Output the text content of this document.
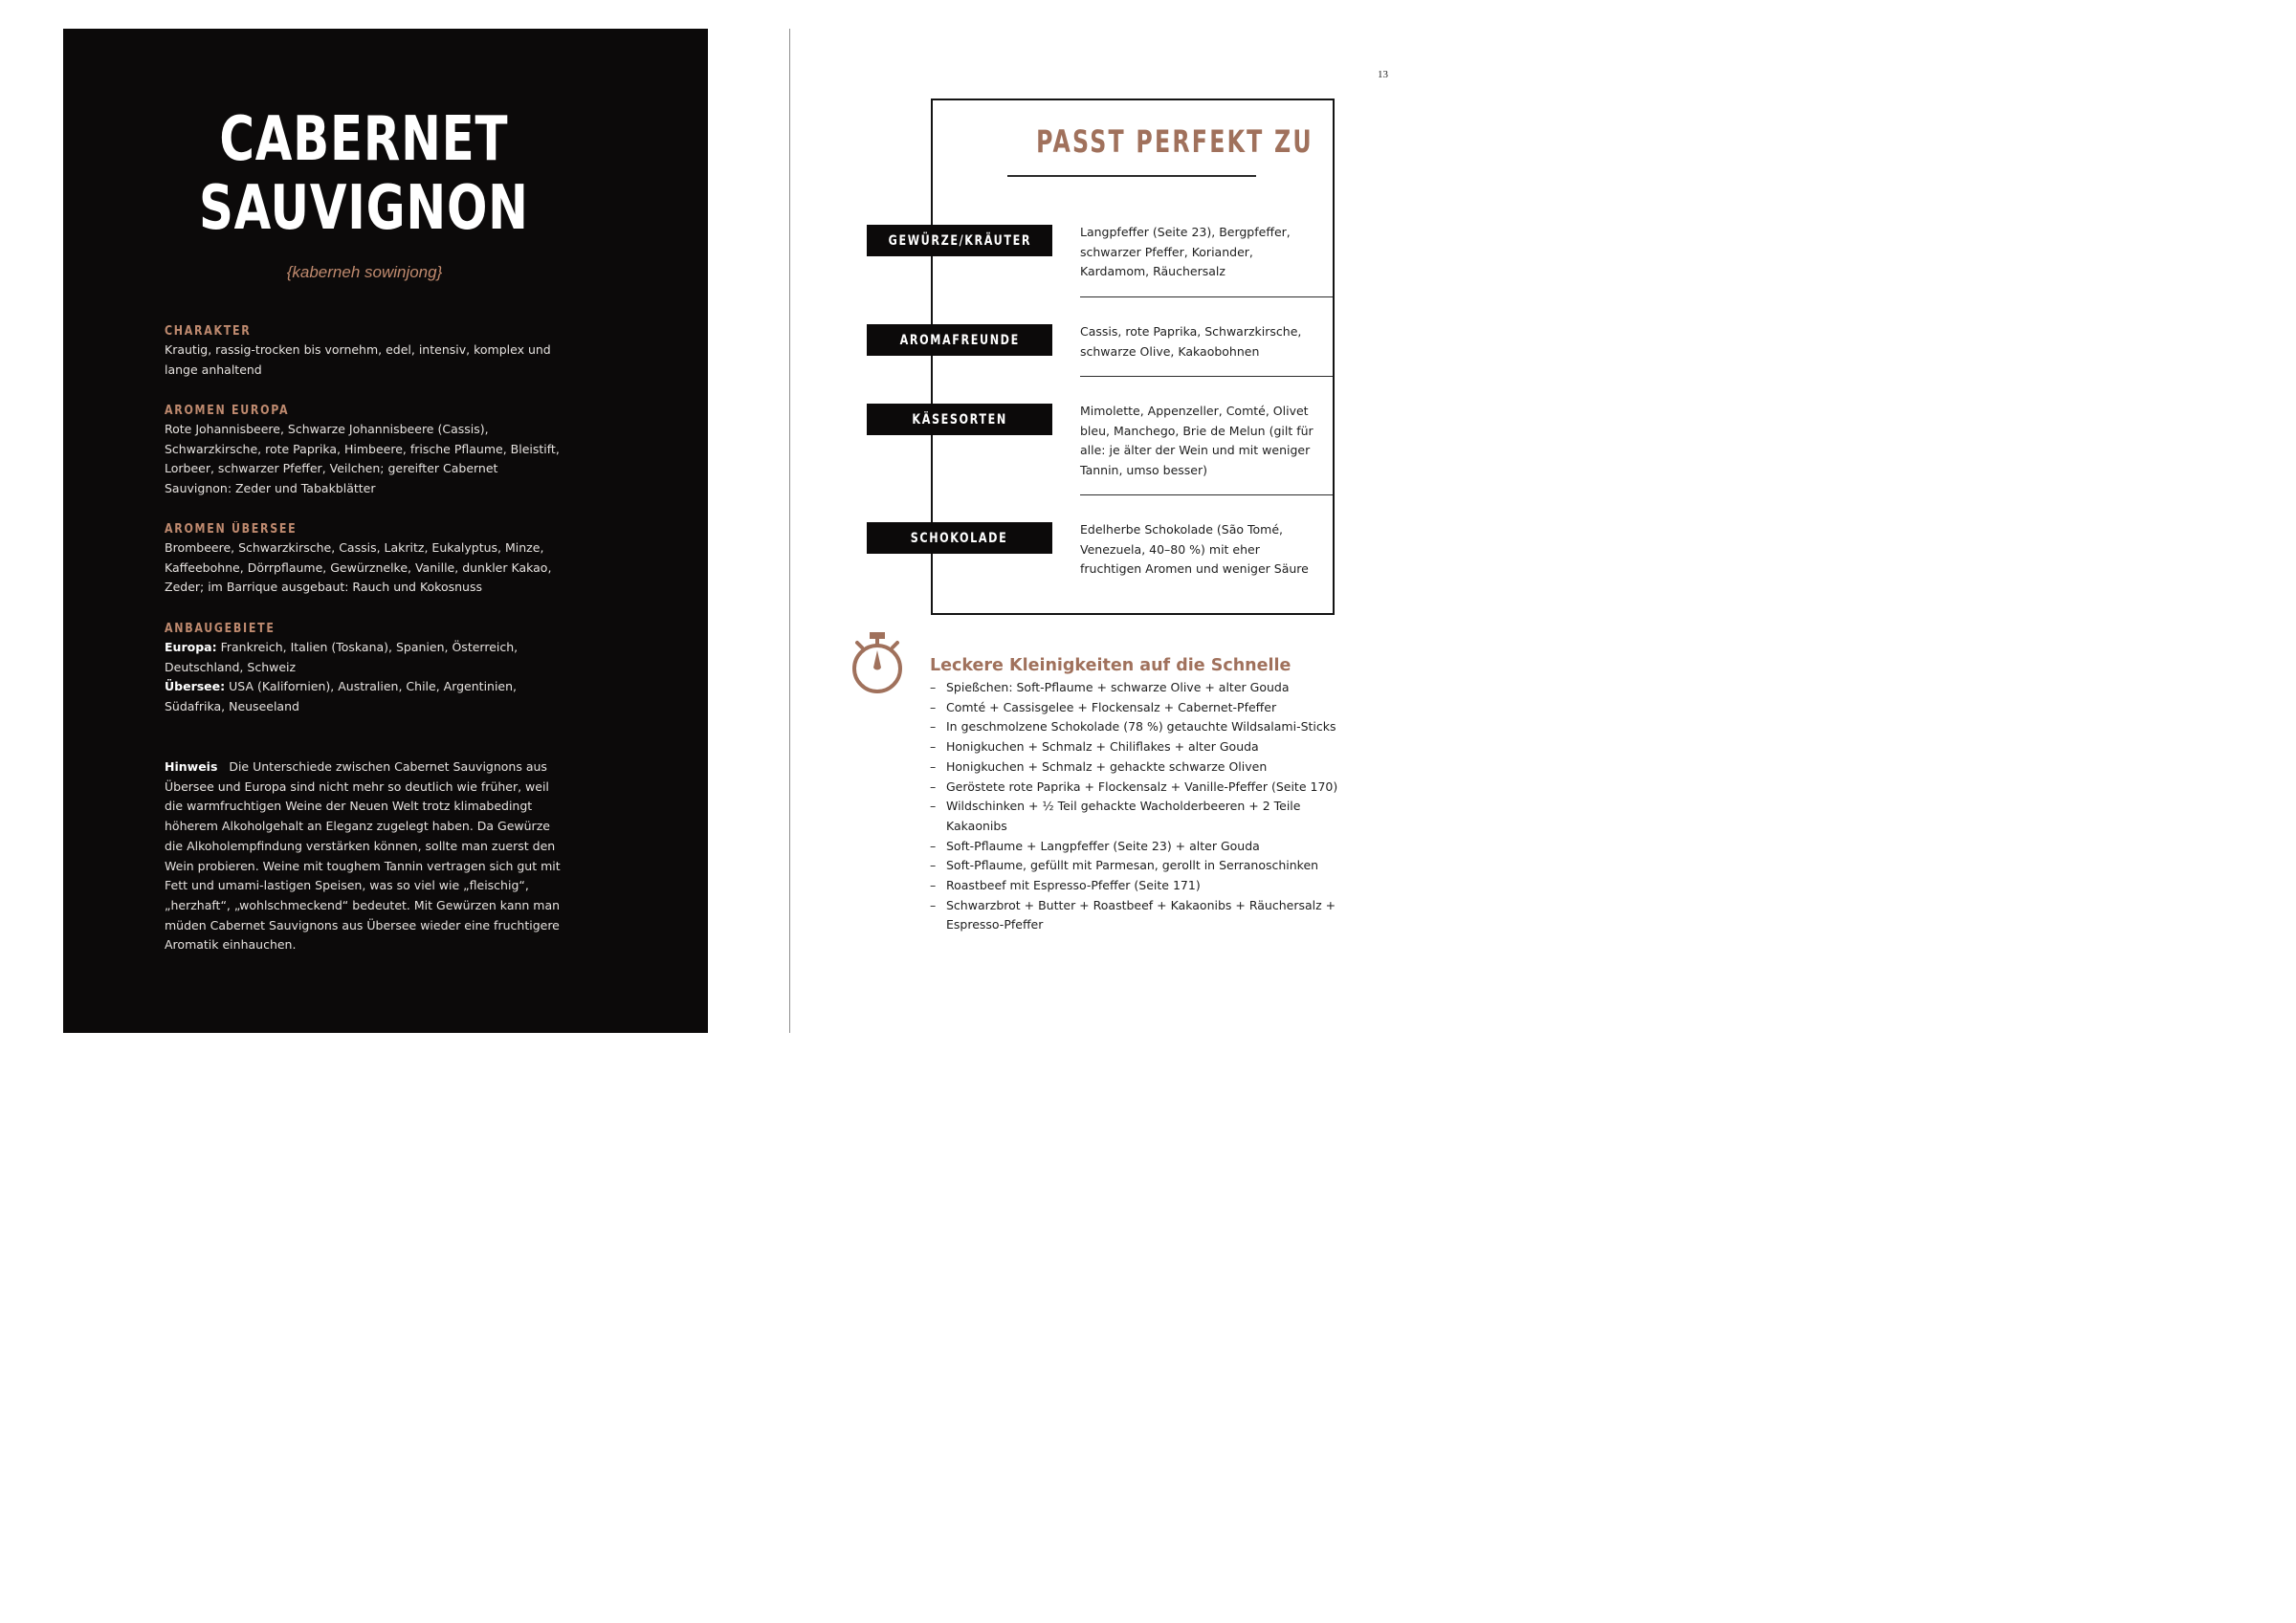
CABERNET
SAUVIGNON
{kaberneh sowinjong}
CHARAKTER

Krautig, rassig-trocken bis vornehm, edel, intensiv, komplex und lange anhaltend

AROMEN EUROPA

Rote Johannisbeere, Schwarze Johannisbeere (Cassis), Schwarzkirsche, rote Paprika, Himbeere, frische Pflaume, Bleistift, Lorbeer, schwarzer Pfeffer, Veilchen; gereifter Cabernet Sauvignon: Zeder und Tabakblätter

AROMEN ÜBERSEE

Brombeere, Schwarzkirsche, Cassis, Lakritz, Eukalyptus, Minze, Kaffeebohne, Dörrpflaume, Gewürznelke, Vanille, dunkler Kakao, Zeder; im Barrique ausgebaut: Rauch und Kokosnuss

ANBAUGEBIETE

Europa: Frankreich, Italien (Toskana), Spanien, Österreich, Deutschland, Schweiz

Übersee: USA (Kalifornien), Australien, Chile, Argentinien, Südafrika, Neuseeland

Hinweis Die Unterschiede zwischen Cabernet Sauvignons aus Übersee und Europa sind nicht mehr so deutlich wie früher, weil die warmfruchtigen Weine der Neuen Welt trotz klimabedingt höherem Alkoholgehalt an Eleganz zugelegt haben. Da Gewürze die Alkoholempfindung verstärken können, sollte man zuerst den Wein probieren. Weine mit toughem Tannin vertragen sich gut mit Fett und umami-lastigen Speisen, was so viel wie „fleischig“, „herzhaft“, „wohlschmeckend“ bedeutet. Mit Gewürzen kann man müden Cabernet Sauvignons aus Übersee wieder eine fruchtigere Aromatik einhauchen.

13
PASST PERFEKT ZU
GEWÜRZE/KRÄUTER

Langpfeffer (Seite 23), Bergpfeffer, schwarzer Pfeffer, Koriander, Kardamom, Räuchersalz

AROMAFREUNDE

Cassis, rote Paprika, Schwarzkirsche, schwarze Olive, Kakaobohnen

KÄSESORTEN

Mimolette, Appenzeller, Comté, Olivet bleu, Manchego, Brie de Melun (gilt für alle: je älter der Wein und mit weniger Tannin, umso besser)

SCHOKOLADE

Edelherbe Schokolade (São Tomé, Venezuela, 40–80 %) mit eher fruchtigen Aromen und weniger Säure

Leckere Kleinigkeiten auf die Schnelle
– Spießchen: Soft-Pflaume + schwarze Olive + alter Gouda
– Comté + Cassisgelee + Flockensalz + Cabernet-Pfeffer
– In geschmolzene Schokolade (78 %) getauchte Wildsalami-Sticks
– Honigkuchen + Schmalz + Chiliflakes + alter Gouda
– Honigkuchen + Schmalz + gehackte schwarze Oliven
– Geröstete rote Paprika + Flockensalz + Vanille-Pfeffer (Seite 170)
– Wildschinken + ½ Teil gehackte Wacholderbeeren + 2 Teile Kakaonibs
– Soft-Pflaume + Langpfeffer (Seite 23) + alter Gouda
– Soft-Pflaume, gefüllt mit Parmesan, gerollt in Serranoschinken
– Roastbeef mit Espresso-Pfeffer (Seite 171)
– Schwarzbrot + Butter + Roastbeef + Kakaonibs + Räuchersalz + Espresso-Pfeffer
